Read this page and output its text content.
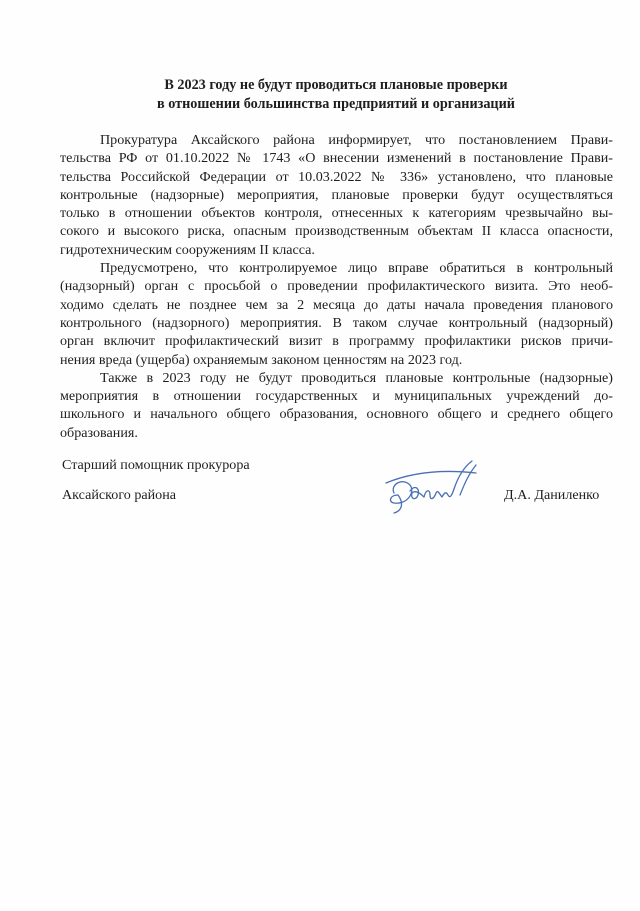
В 2023 году не будут проводиться плановые проверки
в отношении большинства предприятий и организаций

Прокуратура Аксайского района информирует, что постановлением Прави-

тельства РФ от 01.10.2022 № 1743 «О внесении изменений в постановление Прави-

тельства Российской Федерации от 10.03.2022 № 336» установлено, что плановые

контрольные (надзорные) мероприятия, плановые проверки будут осуществляться

только в отношении объектов контроля, отнесенных к категориям чрезвычайно вы-

сокого и высокого риска, опасным производственным объектам II класса опасности,

гидротехническим сооружениям II класса.

Предусмотрено, что контролируемое лицо вправе обратиться в контрольный

(надзорный) орган с просьбой о проведении профилактического визита. Это необ-

ходимо сделать не позднее чем за 2 месяца до даты начала проведения планового

контрольного (надзорного) мероприятия. В таком случае контрольный (надзорный)

орган включит профилактический визит в программу профилактики рисков причи-

нения вреда (ущерба) охраняемым законом ценностям на 2023 год.

Также в 2023 году не будут проводиться плановые контрольные (надзорные)

мероприятия в отношении государственных и муниципальных учреждений до-

школьного и начального общего образования, основного общего и среднего общего

образования.

Старший помощник прокурора
Аксайского района	Д.А. Даниленко
